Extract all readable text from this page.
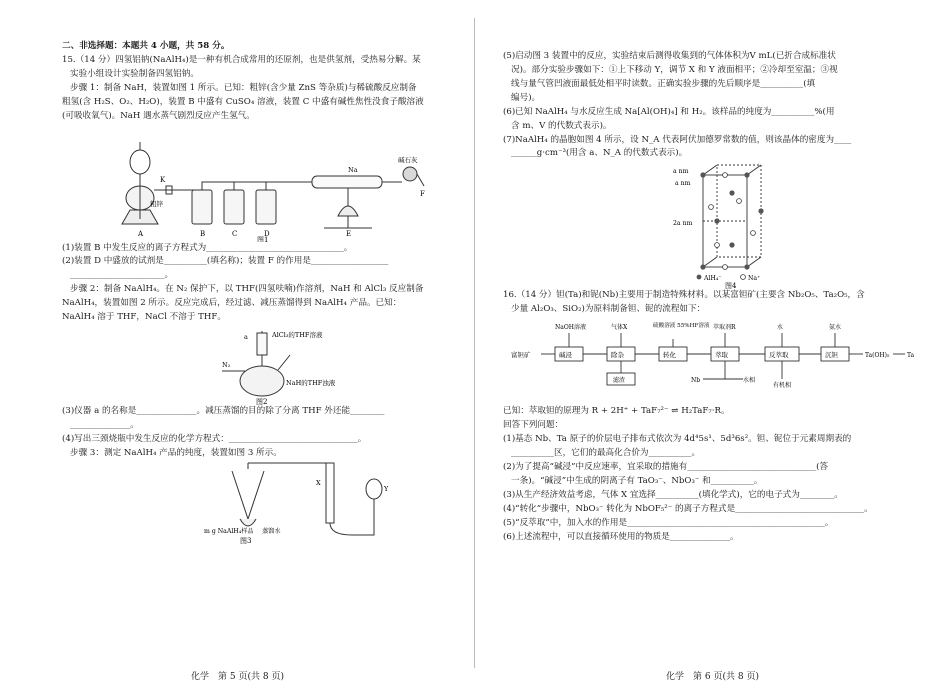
二、非选择题：本题共 4 小题，共 58 分。

15.（14 分）四氢铝钠(NaAlH₄)是一种有机合成常用的还原剂，也是供氢剂，受热易分解。某

实验小组设计实验制备四氢铝钠。

步骤 1：制备 NaH，装置如图 1 所示。已知：粗锌(含少量 ZnS 等杂质)与稀硫酸反应制备

粗氢(含 H₂S、O₂、H₂O)，装置 B 中盛有 CuSO₄ 溶液，装置 C 中盛有碱性焦性没食子酸溶液

(可吸收氧气)。NaH 遇水蒸气剧烈反应产生氢气。

K
粗锌
Na
碱石灰
A	B	C	D	E
F
图1

(1)装置 B 中发生反应的离子方程式为________________________________。

(2)装置 D 中盛放的试剂是__________(填名称)；装置 F 的作用是__________________

______________________。

步骤 2：制备 NaAlH₄。在 N₂ 保护下，以 THF(四氢呋喃)作溶剂，NaH 和 AlCl₃ 反应制备

NaAlH₄，装置如图 2 所示。反应完成后，经过滤、减压蒸馏得到 NaAlH₄ 产品。已知：

NaAlH₄ 溶于 THF，NaCl 不溶于 THF。

a	AlCl₃的THF溶液
N₂
NaH的THF浊液
图2

(3)仪器 a 的名称是______________。减压蒸馏的目的除了分离 THF 外还能________

______________。

(4)写出三颈烧瓶中发生反应的化学方程式：______________________________。

步骤 3：测定 NaAlH₄ 产品的纯度，装置如图 3 所示。

X
Y
m g NaAlH₄样品 蒸馏水
图3
化学　第 5 页(共 8 页)

(5)启动图 3 装置中的反应，实验结束后测得收集到的气体体积为V mL(已折合成标准状

况)。部分实验步骤如下：①上下移动 Y，调节 X 和 Y 液面相平；②冷却至室温；③视

线与量气管凹液面最低处相平时读数。正确实验步骤的先后顺序是__________(填

编号)。

(6)已知 NaAlH₄ 与水反应生成 Na[Al(OH)₄] 和 H₂。该样品的纯度为__________%(用

含 m、V 的代数式表示)。

(7)NaAlH₄ 的晶胞如图 4 所示，设 N_A 代表阿伏加德罗常数的值，则该晶体的密度为____

______g·cm⁻³(用含 a、N_A 的代数式表示)。

a nm
a nm
2a nm
AlH₄⁻	Na⁺
图4

16.（14 分）钽(Ta)和铌(Nb)主要用于制造特殊材料。以某富钽矿(主要含 Nb₂O₅、Ta₂O₅，含

少量 Al₂O₃、SiO₂)为原料制备钽、铌的流程如下：

富钽矿	碱浸	除杂	转化	萃取	反萃取	沉钽
NaOH溶液	气体X	硫酸溶液 55%HF溶液 萃取剂R	水	氨水
Ta(OH)₅	Ta
滤渣	Nb	水相
有机相

已知：萃取钽的原理为 R + 2H⁺ + TaF₇²⁻ ⇌ H₂TaF₇·R。

回答下列问题：

(1)基态 Nb、Ta 原子的价层电子排布式依次为 4d⁴5s¹、5d³6s²。钽、铌位于元素周期表的

__________区，它们的最高化合价为__________。

(2)为了提高“碱浸”中反应速率，宜采取的措施有______________________________(答

一条)。“碱浸”中生成的阴离子有 TaO₃⁻、NbO₃⁻ 和__________。

(3)从生产经济效益考虑，气体 X 宜选择__________(填化学式)，它的电子式为________。

(4)“转化”步骤中，NbO₃⁻ 转化为 NbOF₅²⁻ 的离子方程式是______________________________。

(5)“反萃取”中，加入水的作用是______________________________________________。

(6)上述流程中，可以直接循环使用的物质是______________。

化学　第 6 页(共 8 页)
